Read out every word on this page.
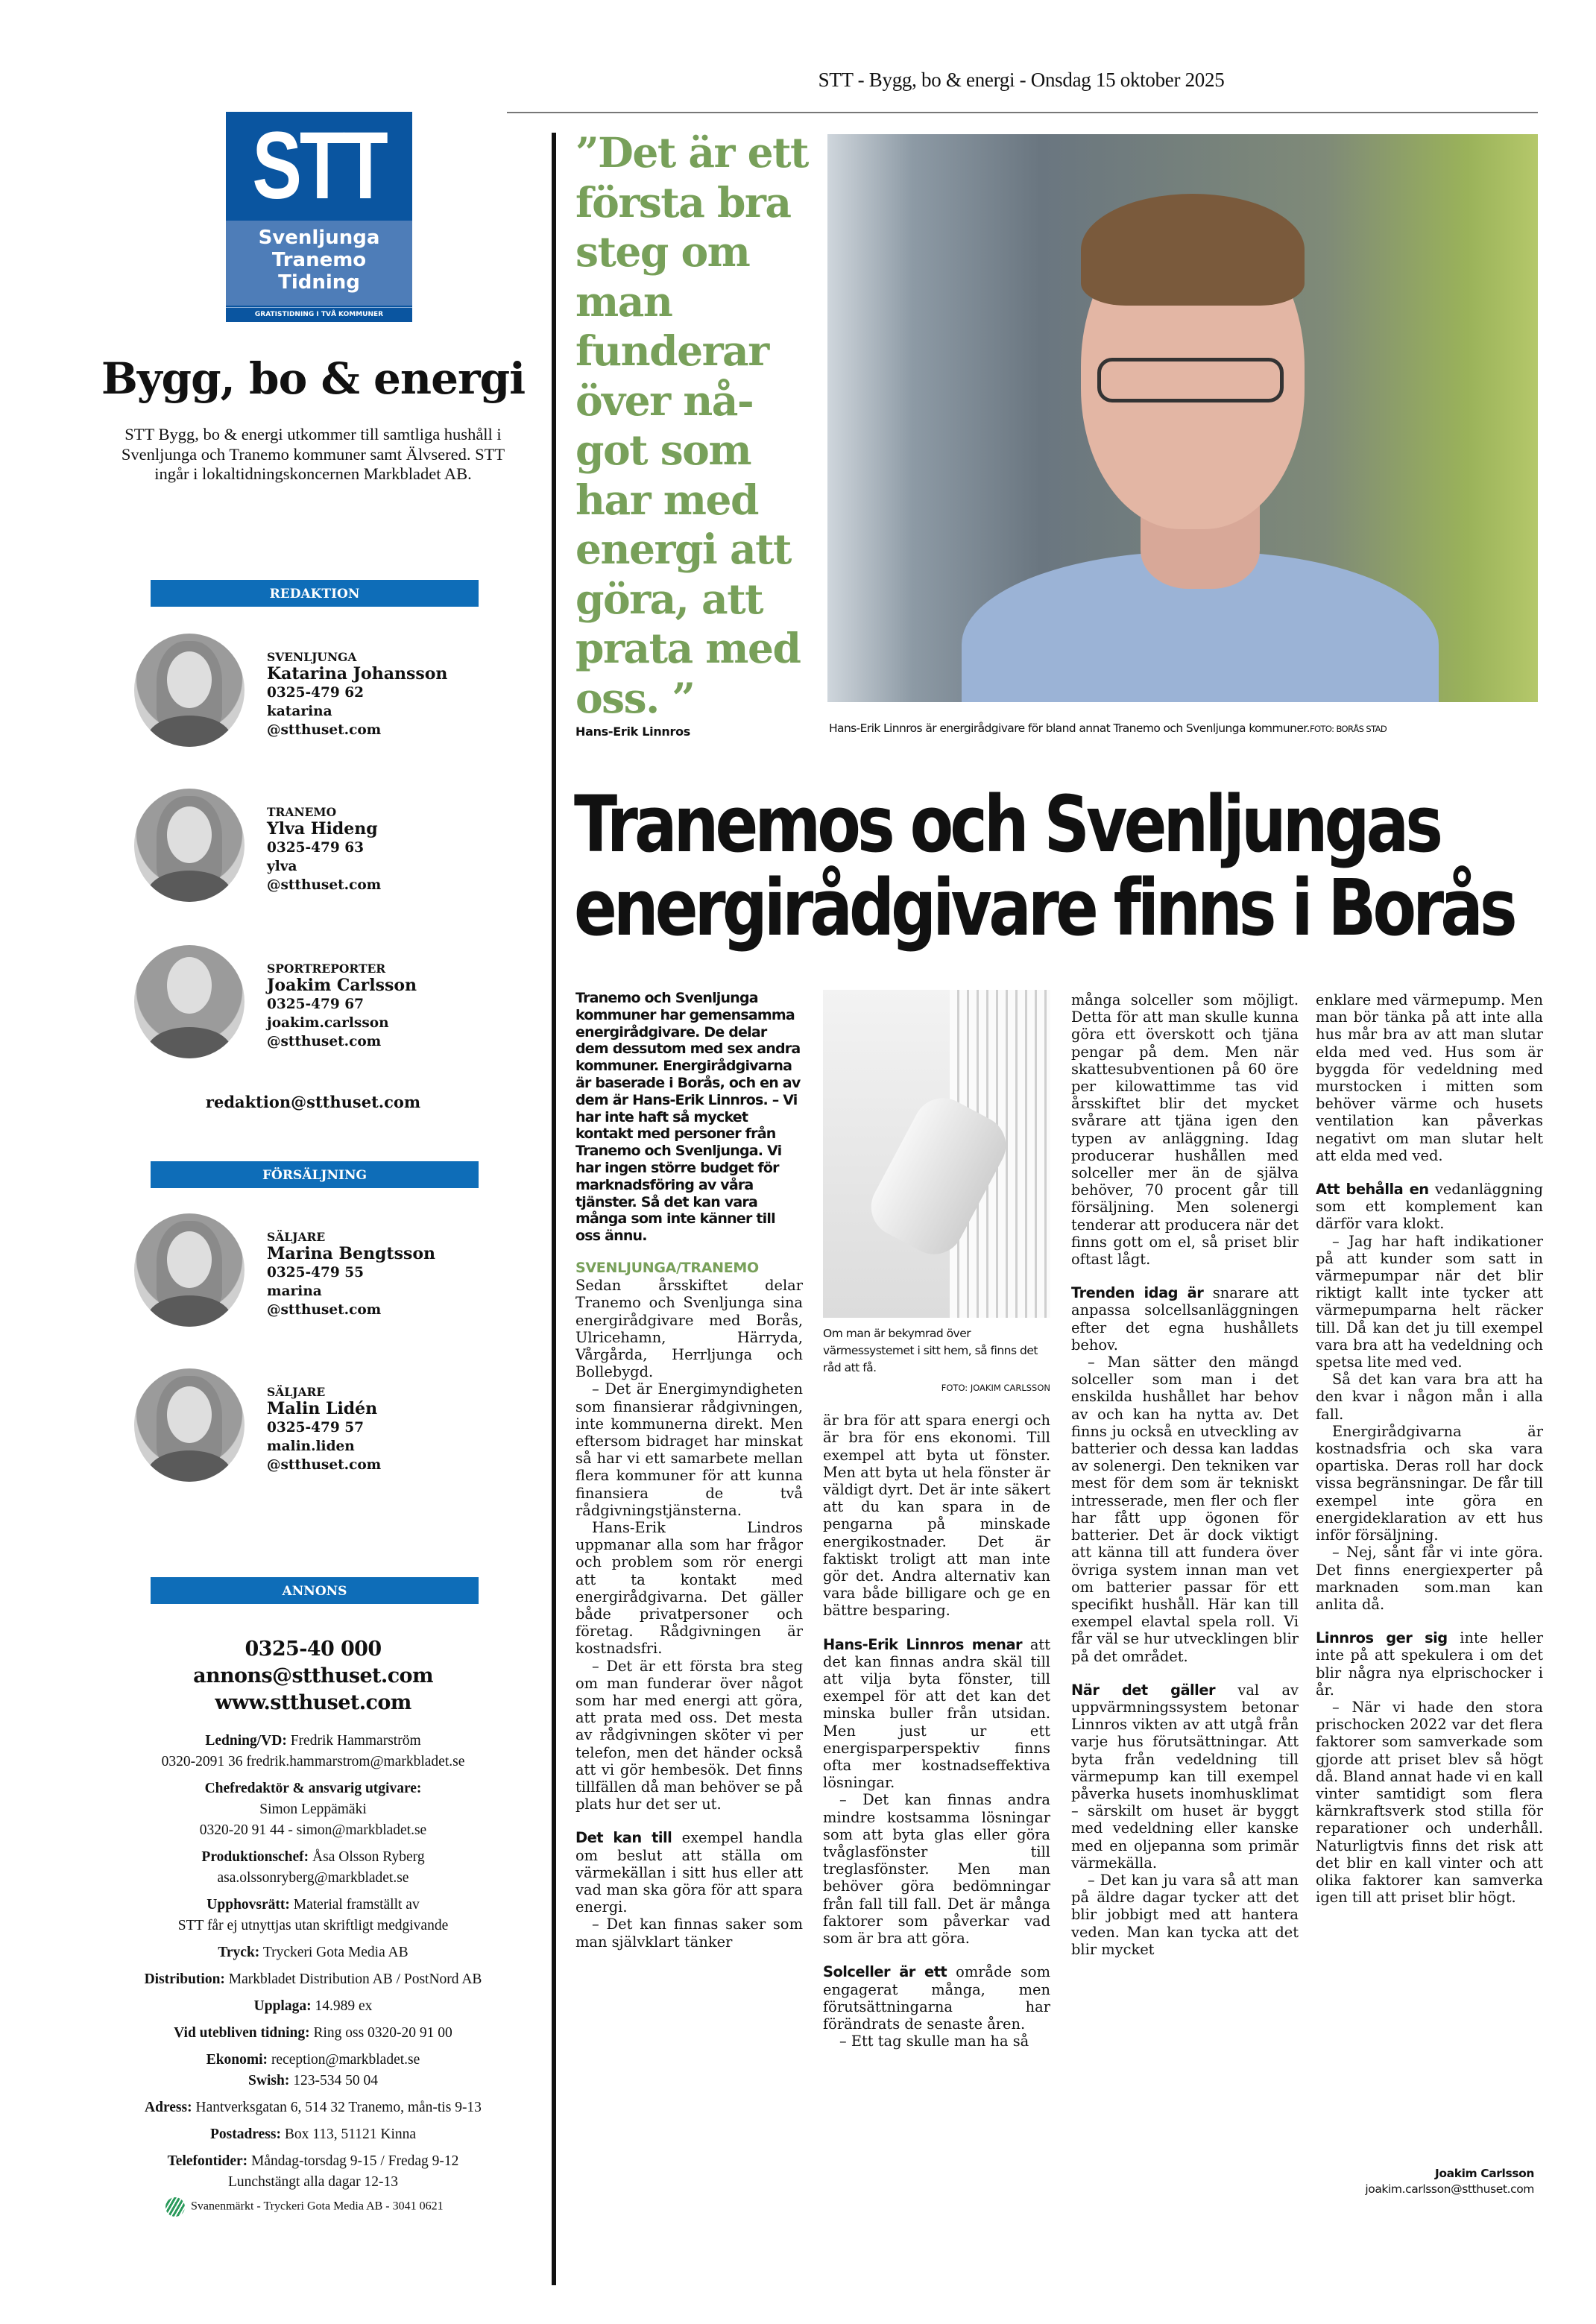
STT - Bygg, bo & energi - Onsdag 15 oktober 2025
STT
Svenljunga
Tranemo
Tidning
GRATISTIDNING I TVÅ KOMMUNER
Bygg, bo & energi
STT Bygg, bo & energi utkommer till samtliga hushåll i Svenljunga och Tranemo kommuner samt Älvsered. STT ingår i lokaltidningskoncernen Markbladet AB.
REDAKTION
SVENLJUNGA
Katarina Johansson
0325-479 62
katarina
@stthuset.com
TRANEMO
Ylva Hideng
0325-479 63
ylva
@stthuset.com
SPORTREPORTER
Joakim Carlsson
0325-479 67
joakim.carlsson
@stthuset.com
redaktion@stthuset.com
FÖRSÄLJNING
SÄLJARE
Marina Bengtsson
0325-479 55
marina
@stthuset.com
SÄLJARE
Malin Lidén
0325-479 57
malin.liden
@stthuset.com
ANNONS
0325-40 000
annons@stthuset.com
www.stthuset.com
Ledning/VD: Fredrik Hammarström
0320-2091 36 fredrik.hammarstrom@markbladet.se
Chefredaktör & ansvarig utgivare:
Simon Leppämäki
0320-20 91 44 - simon@markbladet.se
Produktionschef: Åsa Olsson Ryberg
asa.olssonryberg@markbladet.se
Upphovsrätt: Material framställt av
STT får ej utnyttjas utan skriftligt medgivande
Tryck: Tryckeri Gota Media AB
Distribution: Markbladet Distribution AB / PostNord AB
Upplaga: 14.989 ex
Vid utebliven tidning: Ring oss 0320-20 91 00
Ekonomi: reception@markbladet.se
Swish: 123-534 50 04
Adress: Hantverksgatan 6, 514 32 Tranemo, mån-tis 9-13
Postadress: Box 113, 51121 Kinna
Telefontider: Måndag-torsdag 9-15 / Fredag 9-12
Lunchstängt alla dagar 12-13
Svanenmärkt - Tryckeri Gota Media AB - 3041 0621
”Det är ett första bra steg om man funderar över nå- got som har med energi att göra, att prata med oss. ”
Hans-Erik Linnros	Hans-Erik Linnros är energirådgivare för bland annat Tranemo och Svenljunga kommuner.FOTO: BORÅS STAD
Tranemos och Svenljungas
energirådgivare finns i Borås
Tranemo och Svenljunga kommuner har gemensamma energirådgivare. De delar dem dessutom med sex andra kommuner. Energirådgivarna är baserade i Borås, och en av dem är Hans-Erik Linnros. – Vi har inte haft så mycket kontakt med personer från Tranemo och Svenljunga. Vi har ingen större budget för marknadsföring av våra tjänster. Så det kan vara många som inte känner till oss ännu.
SVENLJUNGA/TRANEMO

Sedan årsskiftet delar Tranemo och Svenljunga sina energirådgivare med Borås, Ulricehamn, Härryda, Vårgårda, Herrljunga och Bollebygd.

– Det är Energimyndigheten som finansierar rådgivningen, inte kommunerna direkt. Men eftersom bidraget har minskat så har vi ett samarbete mellan flera kommuner för att kunna finansiera de två rådgivningstjänsterna.

Hans-Erik Lindros uppmanar alla som har frågor och problem som rör energi att ta kontakt med energirådgivarna. Det gäller både privatpersoner och företag. Rådgivningen är kostnadsfri.

– Det är ett första bra steg om man funderar över något som har med energi att göra, att prata med oss. Det mesta av rådgivningen sköter vi per telefon, men det händer också att vi gör hembesök. Det finns tillfällen då man behöver se på plats hur det ser ut.

Det kan till exempel handla om beslut att ställa om värmekällan i sitt hus eller att vad man ska göra för att spara energi.

– Det kan finnas saker som man självklart tänker

Om man är bekymrad över värmessystemet i sitt hem, så finns det råd att få.
FOTO: JOAKIM CARLSSON

är bra för att spara energi och är bra för ens ekonomi. Till exempel att byta ut fönster. Men att byta ut hela fönster är väldigt dyrt. Det är inte säkert att du kan spara in de pengarna på minskade energikostnader. Det är faktiskt troligt att man inte gör det. Andra alternativ kan vara både billigare och ge en bättre besparing.

Hans-Erik Linnros menar att det kan finnas andra skäl till att vilja byta fönster, till exempel för att det kan det minska buller från utsidan. Men just ur ett energisparperspektiv finns ofta mer kostnadseffektiva lösningar.

– Det kan finnas andra mindre kostsamma lösningar som att byta glas eller göra tvåglasfönster till treglasfönster. Men man behöver göra bedömningar från fall till fall. Det är många faktorer som påverkar vad som är bra att göra.

Solceller är ett område som engagerat många, men förutsättningarna har förändrats de senaste åren.

– Ett tag skulle man ha så

många solceller som möjligt. Detta för att man skulle kunna göra ett överskott och tjäna pengar på dem. Men när skattesubventionen på 60 öre per kilowattimme tas vid årsskiftet blir det mycket svårare att tjäna igen den typen av anläggning. Idag producerar hushållen med solceller mer än de själva behöver, 70 procent går till försäljning. Men solenergi tenderar att producera när det finns gott om el, så priset blir oftast lågt.

Trenden idag är snarare att anpassa solcellsanläggningen efter det egna hushållets behov.

– Man sätter den mängd solceller som man i det enskilda hushållet har behov av och kan ha nytta av. Det finns ju också en utveckling av batterier och dessa kan laddas av solenergi. Den tekniken var mest för dem som är tekniskt intresserade, men fler och fler har fått upp ögonen för batterier. Det är dock viktigt att känna till att fundera över övriga system innan man vet om batterier passar för ett specifikt hushåll. Här kan till exempel elavtal spela roll. Vi får väl se hur utvecklingen blir på det området.

När det gäller val av uppvärmningssystem betonar Linnros vikten av att utgå från varje hus förutsättningar. Att byta från vedeldning till värmepump kan till exempel påverka husets inomhusklimat – särskilt om huset är byggt med vedeldning eller kanske med en oljepanna som primär värmekälla.

– Det kan ju vara så att man på äldre dagar tycker att det blir jobbigt med att hantera veden. Man kan tycka att det blir mycket

enklare med värmepump. Men man bör tänka på att inte alla hus mår bra av att man slutar elda med ved. Hus som är byggda för vedeldning med murstocken i mitten som behöver värme och husets ventilation kan påverkas negativt om man slutar helt att elda med ved.

Att behålla en vedanläggning som ett komplement kan därför vara klokt.

– Jag har haft indikationer på att kunder som satt in värmepumpar när det blir riktigt kallt inte tycker att värmepumparna helt räcker till. Då kan det ju till exempel vara bra att ha vedeldning och spetsa lite med ved.

Så det kan vara bra att ha den kvar i någon mån i alla fall.

Energirådgivarna är kostnadsfria och ska vara opartiska. Deras roll har dock vissa begränsningar. De får till exempel inte göra en energideklaration av ett hus inför försäljning.

– Nej, sånt får vi inte göra. Det finns energiexperter på marknaden som.man kan anlita då.

Linnros ger sig inte heller inte på att spekulera i om det blir några nya elprischocker i år.

– När vi hade den stora prischocken 2022 var det flera faktorer som samverkade som gjorde att priset blev så högt då. Bland annat hade vi en kall vinter samtidigt som flera kärnkraftsverk stod stilla för reparationer och underhåll. Naturligtvis finns det risk att det blir en kall vinter och att olika faktorer kan samverka igen till att priset blir högt.

Joakim Carlsson
joakim.carlsson@stthuset.com
